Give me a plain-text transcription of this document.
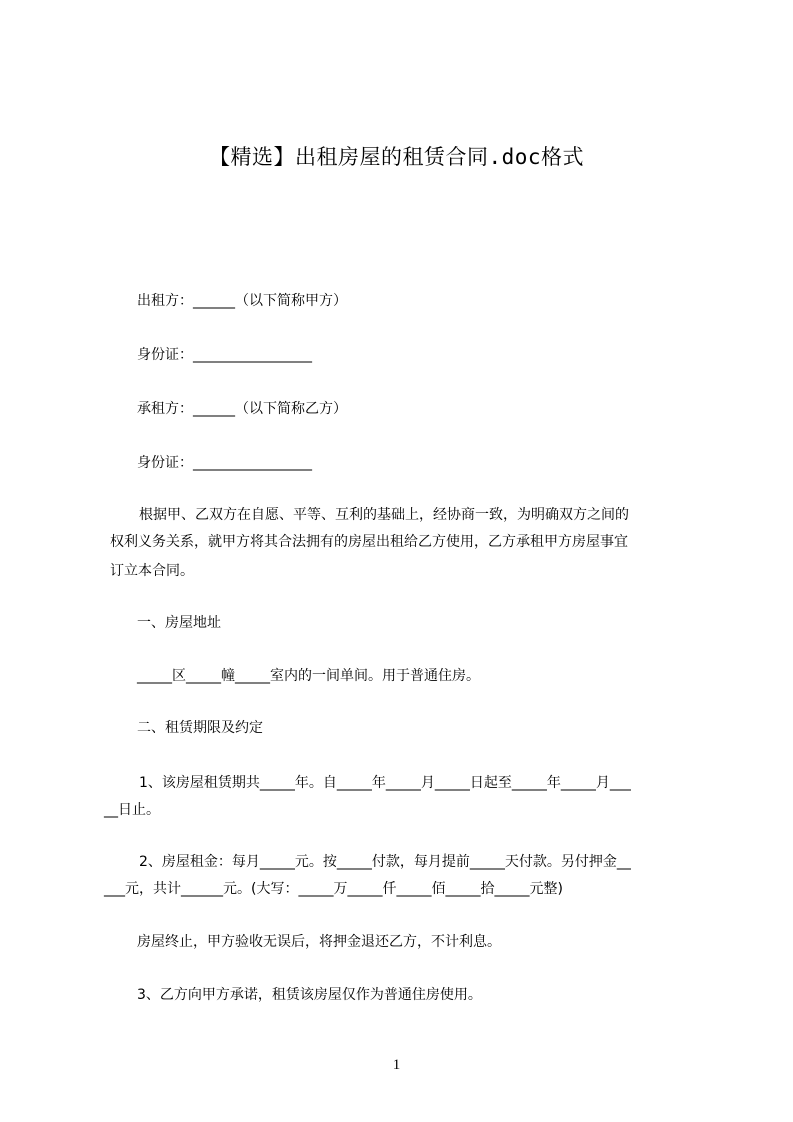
【精选】出租房屋的租赁合同.doc格式
出租方：______（以下简称甲方）
身份证：_________________
承租方：______（以下简称乙方）
身份证：_________________
根据甲、乙双方在自愿、平等、互利的基础上，经协商一致，为明确双方之间的
权利义务关系，就甲方将其合法拥有的房屋出租给乙方使用，乙方承租甲方房屋事宜
订立本合同。
一、房屋地址
_____区_____幢_____室内的一间单间。用于普通住房。
二、租赁期限及约定
1、该房屋租赁期共_____年。自_____年_____月_____日起至_____年_____月___
__日止。
2、房屋租金：每月_____元。按_____付款，每月提前_____天付款。另付押金__
___元，共计______元。(大写：_____万_____仟_____佰_____拾_____元整)
房屋终止，甲方验收无误后，将押金退还乙方，不计利息。
3、乙方向甲方承诺，租赁该房屋仅作为普通住房使用。
1
